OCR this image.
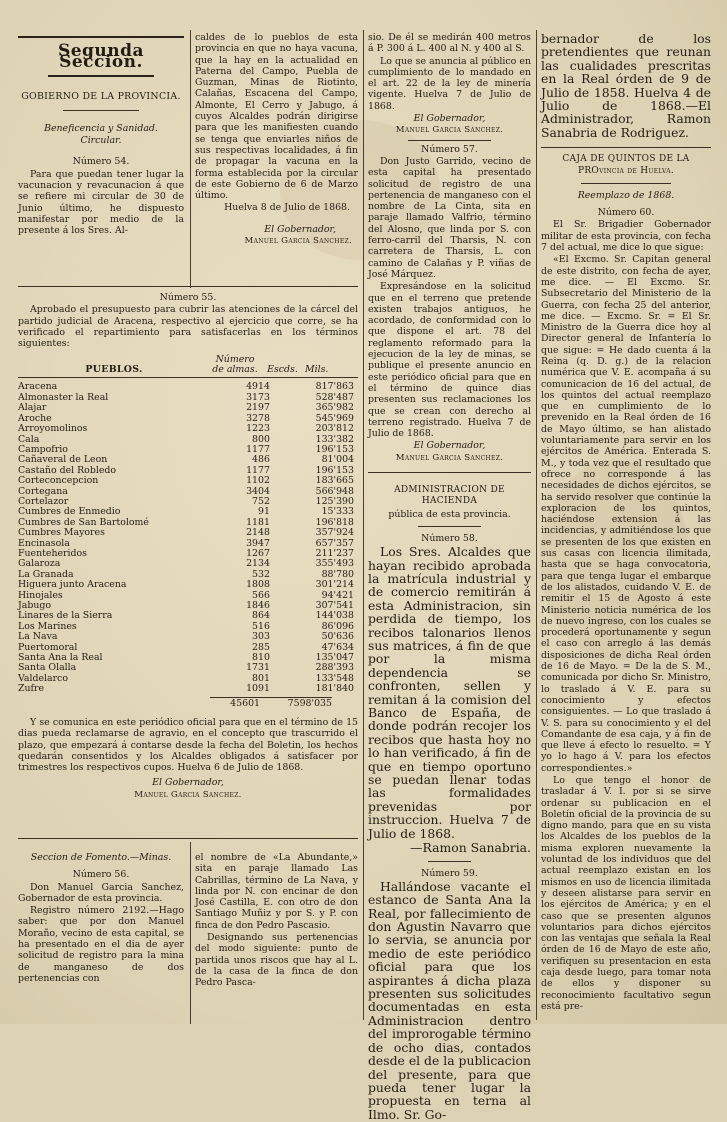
Segunda Seccion.

GOBIERNO DE LA PROVINCIA.

Beneficencia y Sanidad.

Circular.

Número 54.

Para que puedan tener lugar la vacunacion y revacunacion á que se refiere mi circular de 30 de Junio último, he dispuesto manifestar por medio de la presente á los Sres. Al-

caldes de lo pueblos de esta provincia en que no haya vacuna, que la hay en la actualidad en Paterna del Campo, Puebla de Guzman, Minas de Riotinto, Calañas, Escacena del Campo, Almonte, El Cerro y Jabugo, á cuyos Alcaldes podrán dirigirse para que les manifiesten cuando se tenga que enviarles niños de sus respectivas localidades, á fin de propagar la vacuna en la forma establecida por la circular de este Gobierno de 6 de Marzo último.

Huelva 8 de Julio de 1868.

El Gobernador,

Manuel Garcia Sanchez.

Número 55.

Aprobado el presupuesto para cubrir las atenciones de la cárcel del partido judicial de Aracena, respectivo al ejercicio que corre, se ha verificado el repartimiento para satisfacerlas en los términos siguientes:

PUEBLOS.
Número de almas.	Escds. Mils.
Aracena	4914	817'863
Almonaster la Real	3173	528'487
Alajar	2197	365'982
Aroche	3278	545'969
Arroyomolinos	1223	203'812
Cala	800	133'382
Campofrio	1177	196'153
Cañaveral de Leon	486	81'004
Castaño del Robledo	1177	196'153
Corteconcepcion	1102	183'665
Cortegana	3404	566'948
Cortelazor	752	125'390
Cumbres de Enmedio	91	15'333
Cumbres de San Bartolomé	1181	196'818
Cumbres Mayores	2148	357'924
Encinasola	3947	657'357
Fuenteheridos	1267	211'237
Galaroza	2134	355'493
La Granada	532	88'780
Higuera junto Aracena	1808	301'214
Hinojales	566	94'421
Jabugo	1846	307'541
Linares de la Sierra	864	144'038
Los Marines	516	86'096
La Nava	303	50'636
Puertomoral	285	47'634
Santa Ana la Real	810	135'047
Santa Olalla	1731	288'393
Valdelarco	801	133'548
Zufre	1091	181'840
45601	7598'035

Y se comunica en este periódico oficial para que en el término de 15 dias pueda reclamarse de agravio, en el concepto que trascurrido el plazo, que empezará á contarse desde la fecha del Boletin, los hechos quedarán consentidos y los Alcaldes obligados á satisfacer por trimestres los respectivos cupos. Huelva 6 de Julio de 1868.

El Gobernador,

Manuel Garcia Sanchez.

Seccion de Fomento.—Minas.

Número 56.

Don Manuel Garcia Sanchez, Gobernador de esta provincia.

Registro número 2192.—Hago saber: que por don Manuel Moraño, vecino de esta capital, se ha presentado en el dia de ayer solicitud de registro para la mina de manganeso de dos pertenencias con

el nombre de «La Abundante,» sita en paraje llamado Las Cabrillas, término de La Nava, y linda por N. con encinar de don José Castilla, E. con otro de don Santiago Muñiz y por S. y P. con finca de don Pedro Pascasio.

Designando sus pertenencias del modo siguiente: punto de partida unos riscos que hay al L. de la casa de la finca de don Pedro Pasca-

sio. De él se medirán 400 metros á P. 300 á L. 400 al N. y 400 al S.

Lo que se anuncia al público en cumplimiento de lo mandado en el art. 22 de la ley de minería vigente. Huelva 7 de Julio de 1868.

El Gobernador,

Manuel Garcia Sanchez.

Número 57.

Don Justo Garrido, vecino de esta capital ha presentado solicitud de registro de una pertenencia de manganeso con el nombre de La Cinta, sita en paraje llamado Valfrio, término del Alosno, que linda por S. con ferro-carril del Tharsis, N. con carretera de Tharsis, L. con camino de Calañas y P. viñas de José Márquez.

Expresándose en la solicitud que en el terreno que pretende existen trabajos antiguos, he acordado, de conformidad con lo que dispone el art. 78 del reglamento reformado para la ejecucion de la ley de minas, se publique el presente anuncio en este periódico oficial para que en el término de quince dias presenten sus reclamaciones los que se crean con derecho al terreno registrado. Huelva 7 de Julio de 1868.

El Gobernador,

Manuel Garcia Sanchez.

ADMINISTRACION DE HACIENDA

pública de esta provincia.

Número 58.

Los Sres. Alcaldes que hayan recibido aprobada la matrícula industrial y de comercio remitirán á esta Administracion, sin perdida de tiempo, los recibos talonarios llenos sus matrices, á fin de que por la misma dependencia se confronten, sellen y remitan á la comision del Banco de España, de donde podrán recojer los recibos que hasta hoy no lo han verificado, á fin de que en tiempo oportuno se puedan llenar todas las formalidades prevenidas por instruccion. Huelva 7 de Julio de 1868.

—Ramon Sanabria.

Número 59.

Hallándose vacante el estanco de Santa Ana la Real, por fallecimiento de don Agustin Navarro que lo servia, se anuncia por medio de este periódico oficial para que los aspirantes á dicha plaza presenten sus solicitudes documentadas en esta Administracion dentro del improrogable término de ocho dias, contados desde el de la publicacion del presente, para que pueda tener lugar la propuesta en terna al Ilmo. Sr. Go-

bernador de los pretendientes que reunan las cualidades prescritas en la Real órden de 9 de Julio de 1858. Huelva 4 de Julio de 1868.—El Administrador, Ramon Sanabria de Rodriguez.

CAJA DE QUINTOS DE LA PROvincia de Huelva.

Reemplazo de 1868.

Número 60.

El Sr. Brigadier Gobernador militar de esta provincia, con fecha 7 del actual, me dice lo que sigue:

«El Excmo. Sr. Capitan general de este distrito, con fecha de ayer, me dice. — El Excmo. Sr. Subsecretario del Ministerio de la Guerra, con fecha 25 del anterior, me dice. — Excmo. Sr. = El Sr. Ministro de la Guerra dice hoy al Director general de Infantería lo que sigue: = He dado cuenta á la Reina (q. D. g.) de la relacion numérica que V. E. acompaña á su comunicacion de 16 del actual, de los quintos del actual reemplazo que en cumplimiento de lo prevenido en la Real órden de 16 de Mayo último, se han alistado voluntariamente para servir en los ejércitos de América. Enterada S. M., y toda vez que el resultado que ofrece no corresponde á las necesidades de dichos ejércitos, se ha servido resolver que continúe la exploracion de los quintos, haciéndose extension á las incidencias, y admitiéndose los que se presenten de los que existen en sus casas con licencia ilimitada, hasta que se haga convocatoria, para que tenga lugar el embarque de los alistados, cuidando V. E. de remitir el 15 de Agosto á este Ministerio noticia numérica de los de nuevo ingreso, con los cuales se procederá oportunamente y segun el caso con arreglo á las demás disposiciones de dicha Real órden de 16 de Mayo. = De la de S. M., comunicada por dicho Sr. Ministro, lo traslado á V. E. para su conocimiento y efectos consiguientes. — Lo que traslado á V. S. para su conocimiento y el del Comandante de esa caja, y á fin de que lleve á efecto lo resuelto. = Y yo lo hago á V. para los efectos correspondientes.»

Lo que tengo el honor de trasladar á V. I. por si se sirve ordenar su publicacion en el Boletín oficial de la provincia de su digno mando, para que en su vista los Alcaldes de los pueblos de la misma exploren nuevamente la voluntad de los individuos que del actual reemplazo existan en los mismos en uso de licencia ilimitada y deseen alistarse para servir en los ejércitos de América; y en el caso que se presenten algunos voluntarios para dichos ejércitos con las ventajas que señala la Real órden de 16 de Mayo de este año, verifiquen su presentacion en esta caja desde luego, para tomar nota de ellos y disponer su reconocimiento facultativo segun está pre-
